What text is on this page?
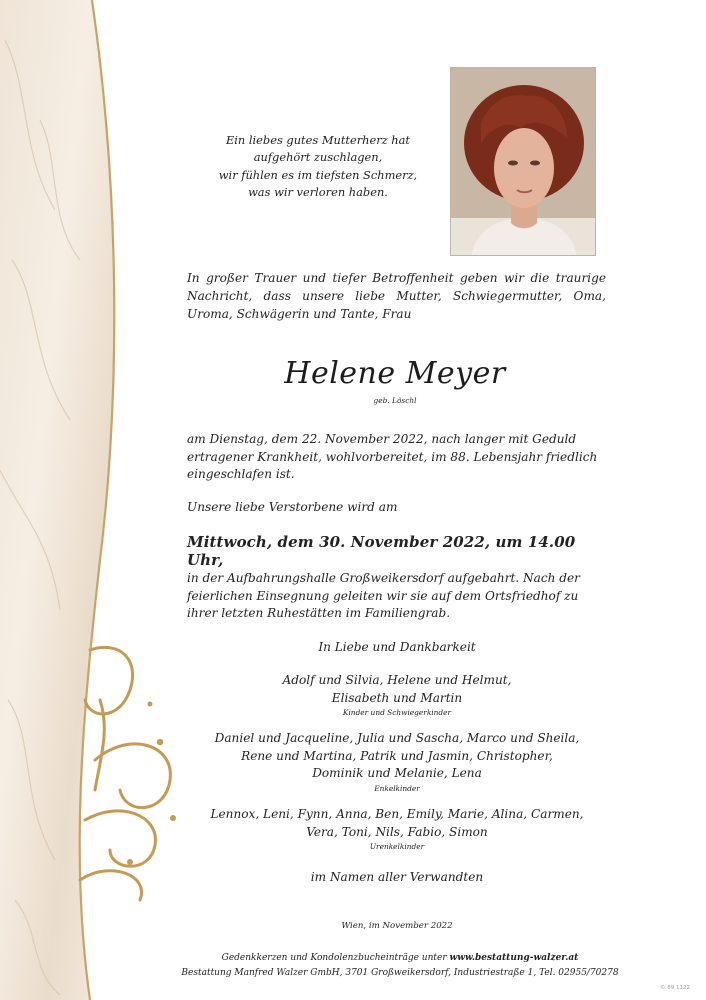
Ein liebes gutes Mutterherz hat
aufgehört zuschlagen,
wir fühlen es im tiefsten Schmerz,
was wir verloren haben.
In großer Trauer und tiefer Betroffenheit geben wir die traurige Nachricht, dass unsere liebe Mutter, Schwiegermutter, Oma, Uroma, Schwägerin und Tante, Frau
Helene Meyer
geb. Löschl
am Dienstag, dem 22. November 2022, nach langer mit Geduld ertragener Krankheit, wohlvorbereitet, im 88. Lebensjahr friedlich eingeschlafen ist.
Unsere liebe Verstorbene wird am
Mittwoch, dem 30. November 2022, um 14.00 Uhr,
in der Aufbahrungshalle Großweikersdorf aufgebahrt. Nach der feierlichen Einsegnung geleiten wir sie auf dem Ortsfriedhof zu ihrer letzten Ruhestätten im Familiengrab.
In Liebe und Dankbarkeit
Adolf und Silvia, Helene und Helmut,
Elisabeth und Martin
Kinder und Schwiegerkinder
Daniel und Jacqueline, Julia und Sascha, Marco und Sheila,
Rene und Martina, Patrik und Jasmin, Christopher,
Dominik und Melanie, Lena
Enkelkinder
Lennox, Leni, Fynn, Anna, Ben, Emily, Marie, Alina, Carmen,
Vera, Toni, Nils, Fabio, Simon
Urenkelkinder
im Namen aller Verwandten
Wien, im November 2022
Gedenkkerzen und Kondolenzbucheinträge unter www.bestattung-walzer.at
Bestattung Manfred Walzer GmbH, 3701 Großweikersdorf, Industriestraße 1, Tel. 02955/70278
© 89 1122
